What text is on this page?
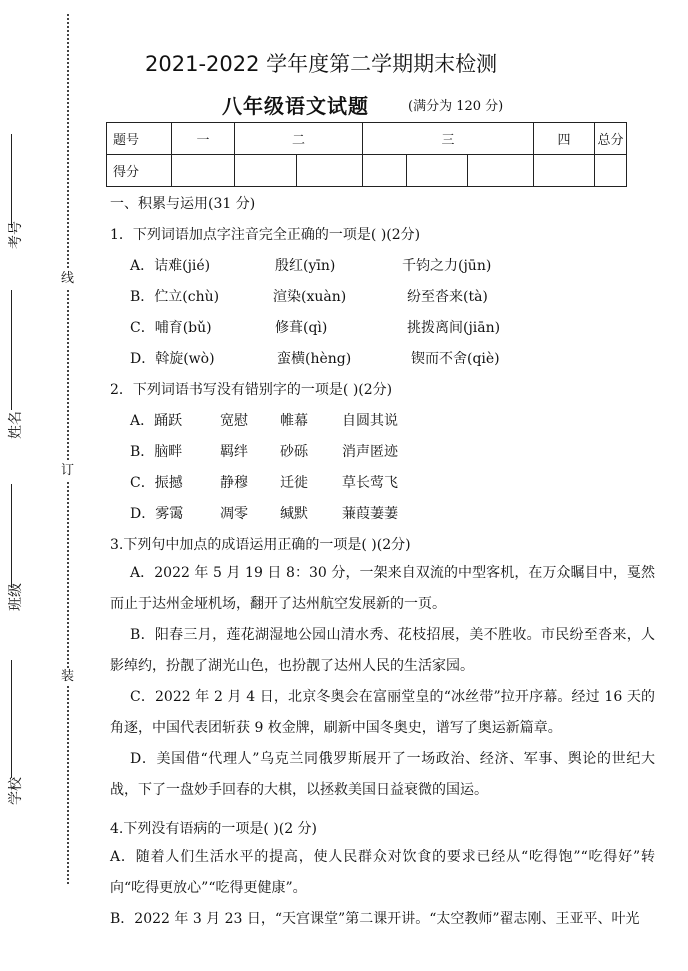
线
订
装
考号
姓名
班级
学校
2021-2022 学年度第二学期期末检测
八年级语文试题	(满分为 120 分)
题号	一	二		三			四	总分
得分								
一、积累与运用(31 分)
1．下列词语加点字注音完全正确的一项是( )(2分)
A．诘难(jié)	殷红(yīn)	千钧之力(jūn)
B．伫立(chù)	渲染(xuàn)	纷至沓来(tà)
C．哺育(bǔ)	修葺(qì)	挑拨离间(jiān)
D．斡旋(wò)	蛮横(hèng)	锲而不舍(qiè)
2．下列词语书写没有错别字的一项是( )(2分)
A．踊跃	宽慰 帷幕 自圆其说
B．脑畔	羁绊 砂砾 消声匿迹
C．振撼	静穆 迁徙 草长莺飞
D．雾霭	凋零 缄默 蒹葭萋萋
3.下列句中加点的成语运用正确的一项是( )(2分)
A．2022 年 5 月 19 日 8：30 分，一架来自双流的中型客机，在万众瞩目中，戛然而止于达州金垭机场，翻开了达州航空发展新的一页。
B．阳春三月，莲花湖湿地公园山清水秀、花枝招展，美不胜收。市民纷至沓来，人影绰约，扮靓了湖光山色，也扮靓了达州人民的生活家园。
C．2022 年 2 月 4 日，北京冬奥会在富丽堂皇的“冰丝带”拉开序幕。经过 16 天的角逐，中国代表团斩获 9 枚金牌，刷新中国冬奥史，谱写了奥运新篇章。
D．美国借“代理人”乌克兰同俄罗斯展开了一场政治、经济、军事、舆论的世纪大战，下了一盘妙手回春的大棋，以拯救美国日益衰微的国运。
4.下列没有语病的一项是( )(2 分)
A．随着人们生活水平的提高，使人民群众对饮食的要求已经从“吃得饱”“吃得好”转向“吃得更放心”“吃得更健康”。
B．2022 年 3 月 23 日，“天宫课堂”第二课开讲。“太空教师”翟志刚、王亚平、叶光
